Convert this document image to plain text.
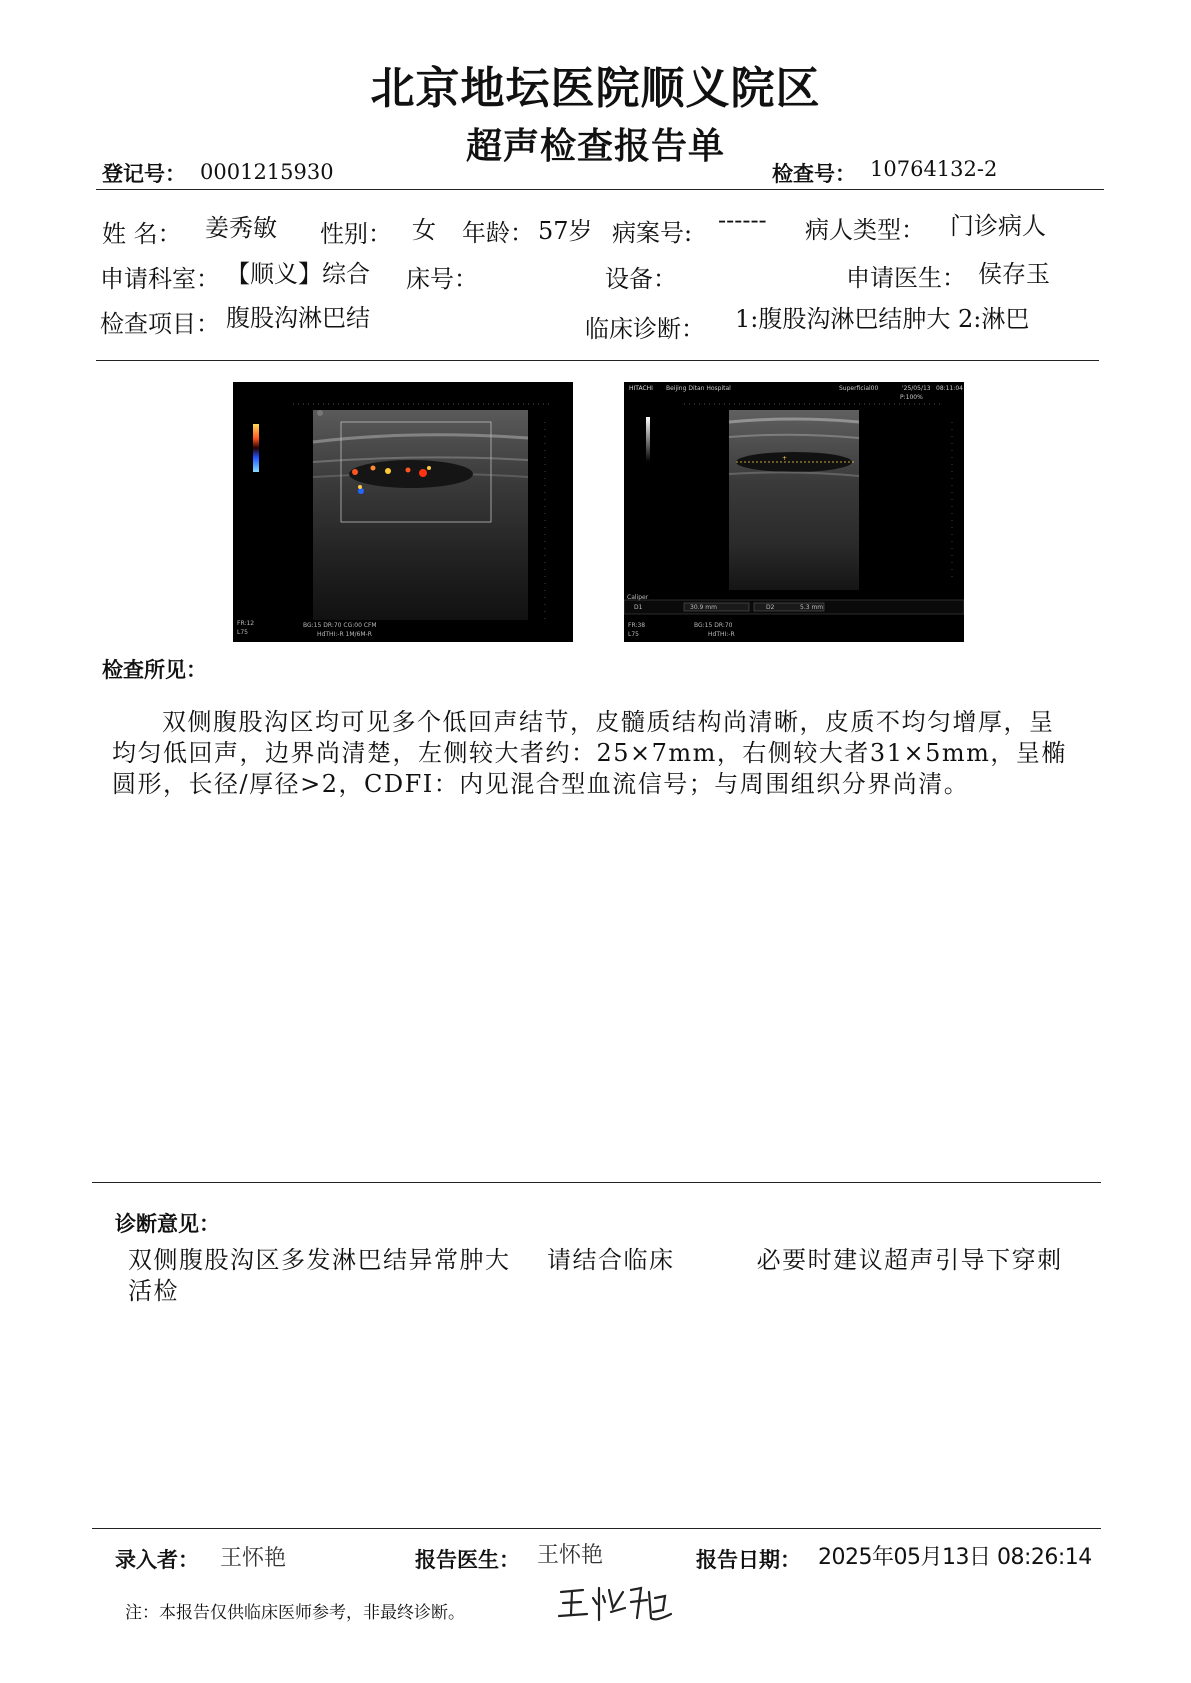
北京地坛医院顺义院区
超声检查报告单
登记号： 0001215930	检查号： 10764132-2
姓 名： 姜秀敏 性别： 女 年龄： 57岁 病案号: ------ 病人类型： 门诊病人
申请科室： 【顺义】综合 床号：	设备：	申请医生： 侯存玉
检查项目： 腹股沟淋巴结	临床诊断： 1:腹股沟淋巴结肿大 2:淋巴
FR:12
L75
BG:15 DR:70 CG:00 CFM
HdTHI:-R 1M/6M-R
HITACHI Beijing Ditan Hospital	Superficial00	'25/05/13 08:11:04
P:100%
+
Caliper
D1	30.9 mm	D2	5.3 mm
FR:38
L75
BG:15 DR:70
HdTHI:-R
检查所见：
双侧腹股沟区均可见多个低回声结节，皮髓质结构尚清晰，皮质不均匀增厚，呈均匀低回声，边界尚清楚，左侧较大者约：25×7mm，右侧较大者31×5mm，呈椭圆形，长径/厚径>2，CDFI：内见混合型血流信号；与周围组织分界尚清。
诊断意见：
双侧腹股沟区多发淋巴结异常肿大    请结合临床         必要时建议超声引导下穿刺活检
录入者： 王怀艳	报告医生： 王怀艳	报告日期： 2025年05月13日 08:26:14
注：本报告仅供临床医师参考，非最终诊断。
